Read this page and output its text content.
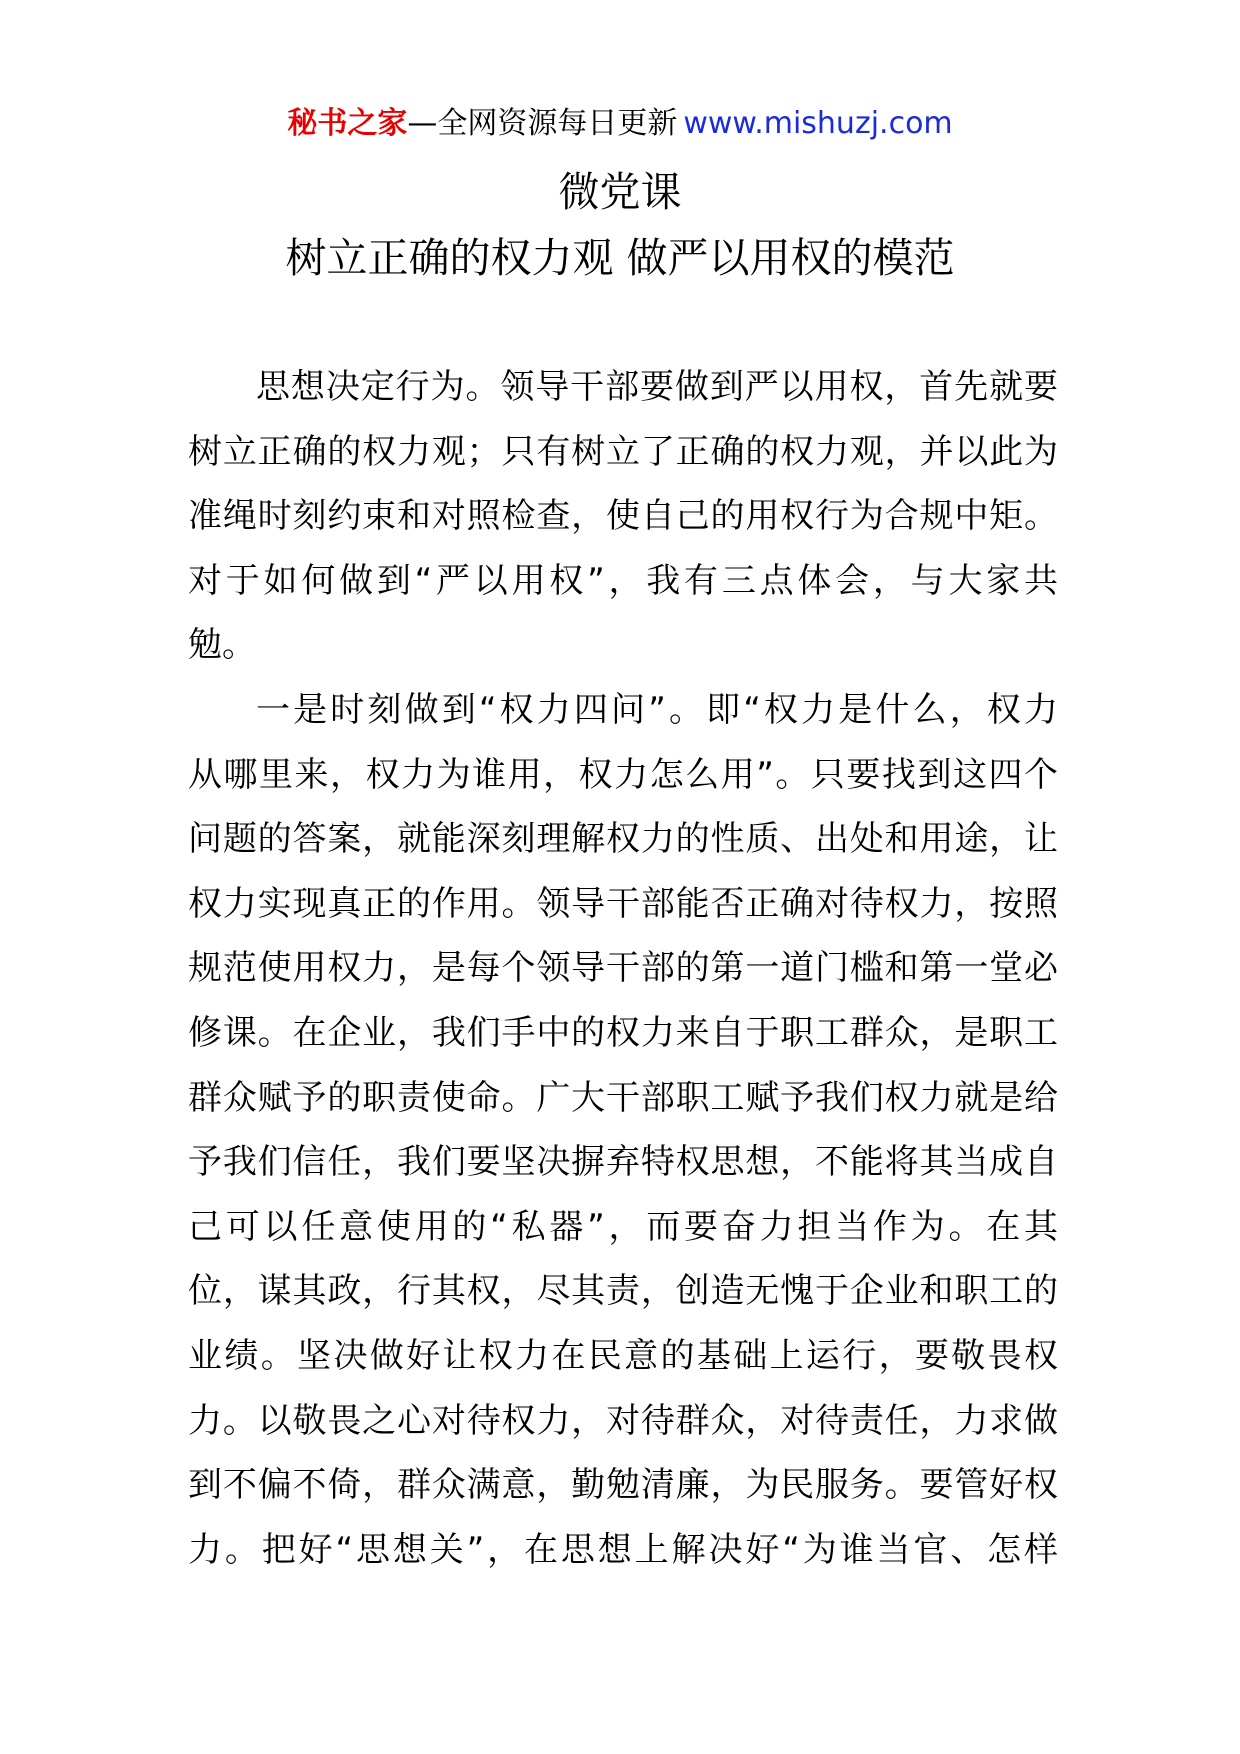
秘书之家—全网资源每日更新 www.mishuzj.com
微党课
树立正确的权力观 做严以用权的模范
思想决定行为。领导干部要做到严以用权，首先就要
树立正确的权力观；只有树立了正确的权力观，并以此为
准绳时刻约束和对照检查，使自己的用权行为合规中矩。
对于如何做到“严以用权”，我有三点体会，与大家共
勉。
一是时刻做到“权力四问”。即“权力是什么，权力
从哪里来，权力为谁用，权力怎么用”。只要找到这四个
问题的答案，就能深刻理解权力的性质、出处和用途，让
权力实现真正的作用。领导干部能否正确对待权力，按照
规范使用权力，是每个领导干部的第一道门槛和第一堂必
修课。在企业，我们手中的权力来自于职工群众，是职工
群众赋予的职责使命。广大干部职工赋予我们权力就是给
予我们信任，我们要坚决摒弃特权思想，不能将其当成自
己可以任意使用的“私器”，而要奋力担当作为。在其
位，谋其政，行其权，尽其责，创造无愧于企业和职工的
业绩。坚决做好让权力在民意的基础上运行，要敬畏权
力。以敬畏之心对待权力，对待群众，对待责任，力求做
到不偏不倚，群众满意，勤勉清廉，为民服务。要管好权
力。把好“思想关”，在思想上解决好“为谁当官、怎样
